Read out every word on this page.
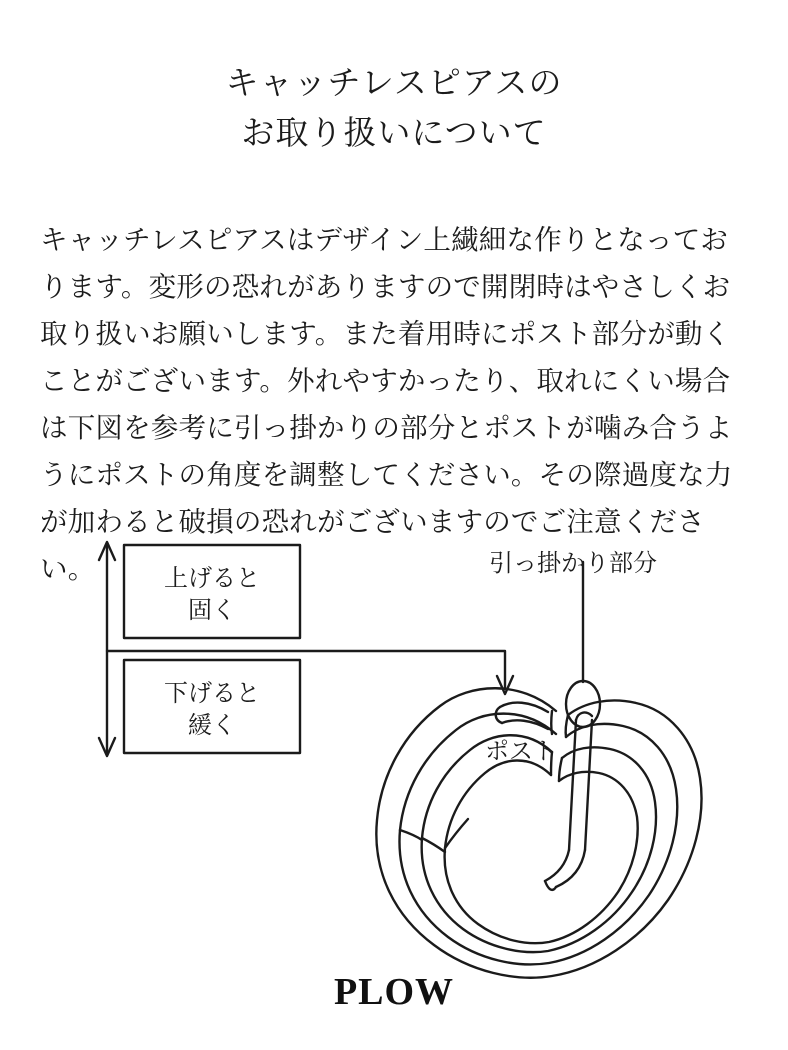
キャッチレスピアスの
お取り扱いについて

キャッチレスピアスはデザイン上繊細な作りとなっております。変形の恐れがありますので開閉時はやさしくお取り扱いお願いします。また着用時にポスト部分が動くことがございます。外れやすかったり、取れにくい場合は下図を参考に引っ掛かりの部分とポストが噛み合うようにポストの角度を調整してください。その際過度な力が加わると破損の恐れがございますのでご注意ください。	上げると
固く
下げると
緩く
引っ掛かり部分
ポスト
PLOW
